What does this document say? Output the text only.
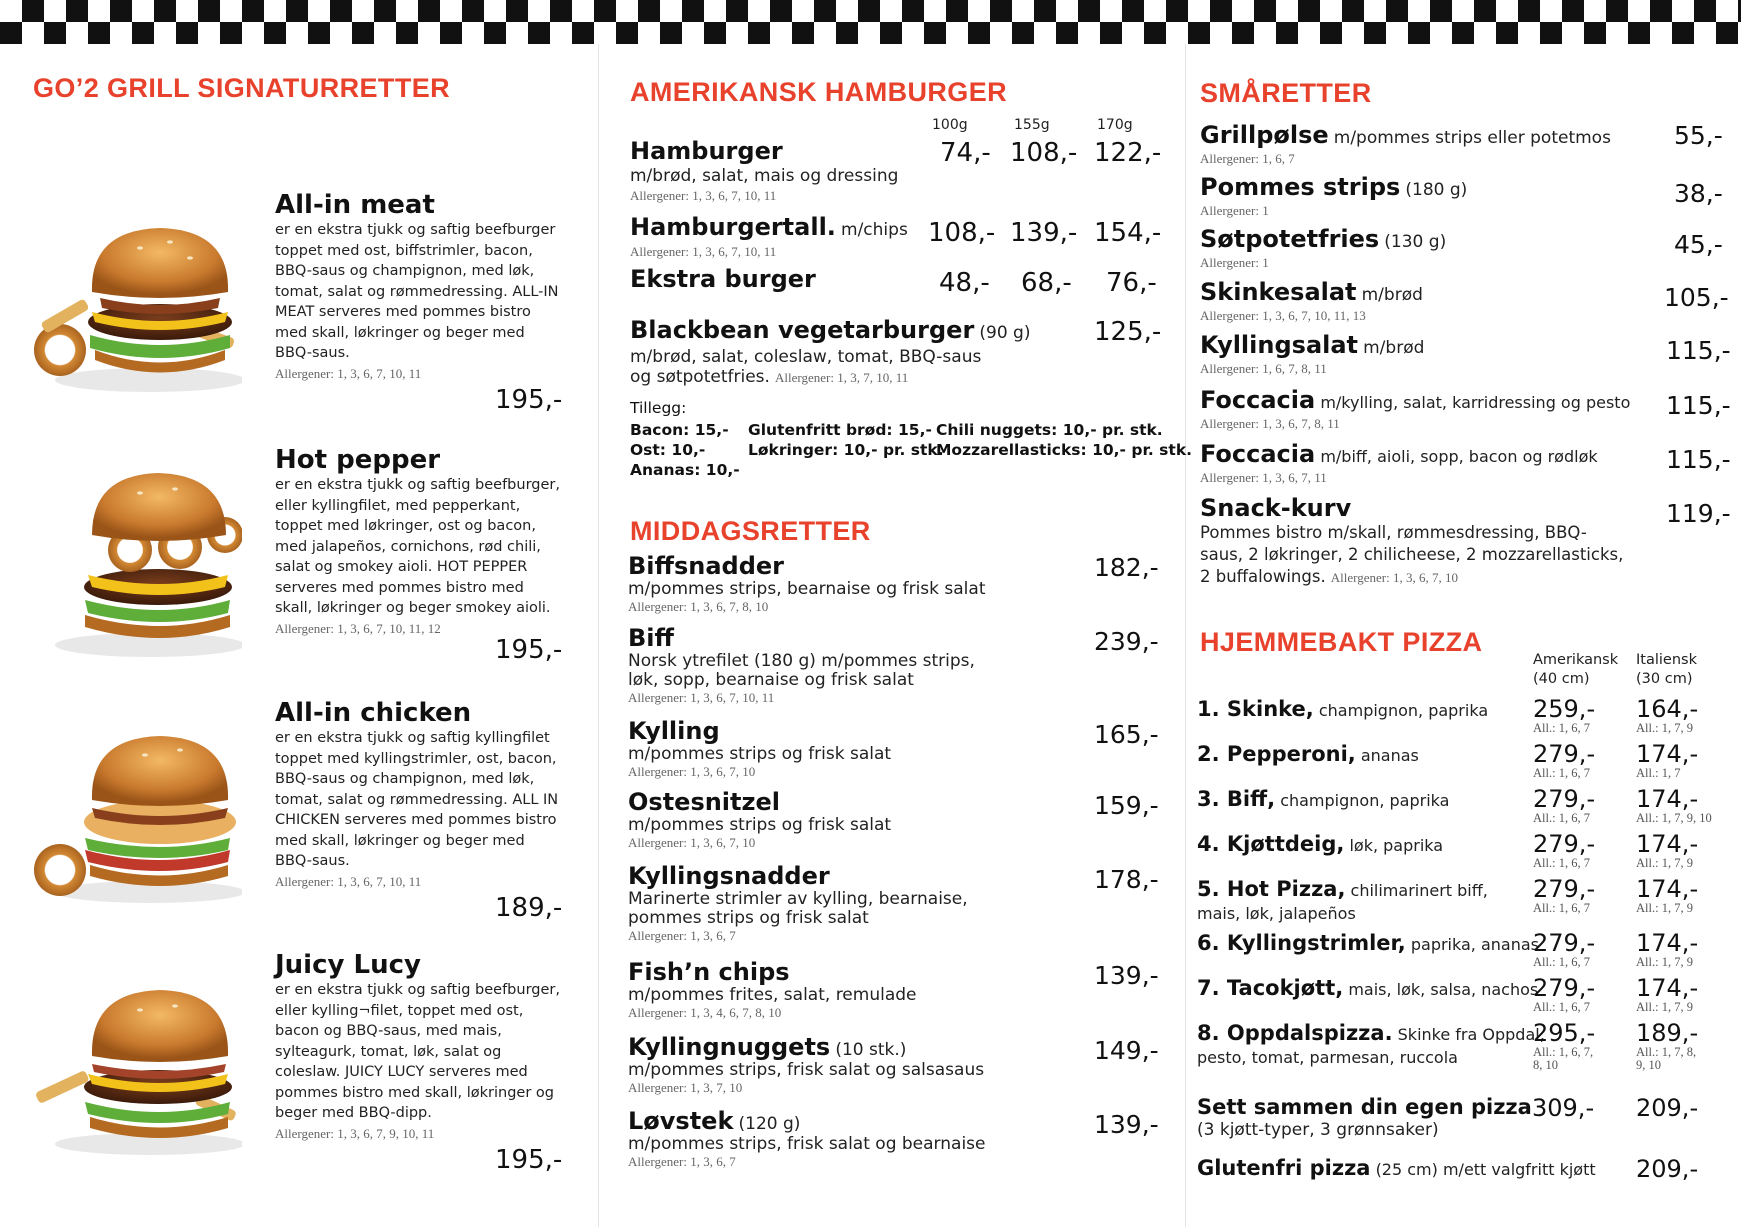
GO’2 GRILL SIGNATURRETTER
All-in meat
er en ekstra tjukk og saftig beefburger toppet med ost, biffstrimler, bacon, BBQ-saus og champignon, med løk, tomat, salat og rømmedressing. ALL-IN MEAT serveres med pommes bistro med skall, løkringer og beger med BBQ-saus.
Allergener: 1, 3, 6, 7, 10, 11
195,-
Hot pepper
er en ekstra tjukk og saftig beefburger, eller kyllingfilet, med pepperkant, toppet med løkringer, ost og bacon, med jalapeños, cornichons, rød chili, salat og smokey aioli. HOT PEPPER serveres med pommes bistro med skall, løkringer og beger smokey aioli.
Allergener: 1, 3, 6, 7, 10, 11, 12
195,-
All-in chicken
er en ekstra tjukk og saftig kyllingfilet toppet med kyllingstrimler, ost, bacon, BBQ-saus og champignon, med løk, tomat, salat og rømmedressing. ALL IN CHICKEN serveres med pommes bistro med skall, løkringer og beger med BBQ-saus.
Allergener: 1, 3, 6, 7, 10, 11
189,-
Juicy Lucy
er en ekstra tjukk og saftig beefburger, eller kylling¬filet, toppet med ost, bacon og BBQ-saus, med mais, sylteagurk, tomat, løk, salat og coleslaw. JUICY LUCY serveres med pommes bistro med skall, løkringer og beger med BBQ-dipp.
Allergener: 1, 3, 6, 7, 9, 10, 11
195,-
AMERIKANSK HAMBURGER
100g	155g	170g
Hamburger
m/brød, salat, mais og dressing
Allergener: 1, 3, 6, 7, 10, 11
74,- 108,- 122,-
Hamburgertall. m/chips
Allergener: 1, 3, 6, 7, 10, 11
108,- 139,- 154,-
Ekstra burger	48,- 68,- 76,-
Blackbean vegetarburger (90 g)
m/brød, salat, coleslaw, tomat, BBQ-saus
og søtpotetfries. Allergener: 1, 3, 7, 10, 11
125,-
Tillegg:
Bacon: 15,-
Ost: 10,-
Ananas: 10,-
Glutenfritt brød: 15,-
Løkringer: 10,- pr. stk.
Chili nuggets: 10,- pr. stk.
Mozzarellasticks: 10,- pr. stk.
MIDDAGSRETTER
Biffsnadder
m/pommes strips, bearnaise og frisk salat
Allergener: 1, 3, 6, 7, 8, 10
182,-
Biff
Norsk ytrefilet (180 g) m/pommes strips,
løk, sopp, bearnaise og frisk salat
Allergener: 1, 3, 6, 7, 10, 11
239,-
Kylling
m/pommes strips og frisk salat
Allergener: 1, 3, 6, 7, 10
165,-
Ostesnitzel
m/pommes strips og frisk salat
Allergener: 1, 3, 6, 7, 10
159,-
Kyllingsnadder
Marinerte strimler av kylling, bearnaise,
pommes strips og frisk salat
Allergener: 1, 3, 6, 7
178,-
Fish’n chips
m/pommes frites, salat, remulade
Allergener: 1, 3, 4, 6, 7, 8, 10
139,-
Kyllingnuggets (10 stk.)
m/pommes strips, frisk salat og salsasaus
Allergener: 1, 3, 7, 10
149,-
Løvstek (120 g)
m/pommes strips, frisk salat og bearnaise
Allergener: 1, 3, 6, 7
139,-
SMÅRETTER
Grillpølse m/pommes strips eller potetmos
Allergener: 1, 6, 7
55,-
Pommes strips (180 g)
Allergener: 1
38,-
Søtpotetfries (130 g)
Allergener: 1
45,-
Skinkesalat m/brød
Allergener: 1, 3, 6, 7, 10, 11, 13
105,-
Kyllingsalat m/brød
Allergener: 1, 6, 7, 8, 11
115,-
Foccacia m/kylling, salat, karridressing og pesto
Allergener: 1, 3, 6, 7, 8, 11
115,-
Foccacia m/biff, aioli, sopp, bacon og rødløk
Allergener: 1, 3, 6, 7, 11
115,-
Snack-kurv
Pommes bistro m/skall, rømmesdressing, BBQ-
saus, 2 løkringer, 2 chilicheese, 2 mozzarellasticks,
2 buffalowings. Allergener: 1, 3, 6, 7, 10
119,-
HJEMMEBAKT PIZZA
Amerikansk
(40 cm)
Italiensk
(30 cm)
1. Skinke, champignon, paprika 259,-
All.: 1, 6, 7
164,-
All.: 1, 7, 9
2. Pepperoni, ananas	279,-
All.: 1, 6, 7
174,-
All.: 1, 7
3. Biff, champignon, paprika	279,-
All.: 1, 6, 7
174,-
All.: 1, 7, 9, 10
4. Kjøttdeig, løk, paprika	279,-
All.: 1, 6, 7
174,-
All.: 1, 7, 9
5. Hot Pizza, chilimarinert biff,
mais, løk, jalapeños
279,-
All.: 1, 6, 7
174,-
All.: 1, 7, 9
6. Kyllingstrimler, paprika, ananas
279,-
All.: 1, 6, 7
174,-
All.: 1, 7, 9
7. Tacokjøtt, mais, løk, salsa, nachos
279,-
All.: 1, 6, 7
174,-
All.: 1, 7, 9
8. Oppdalspizza. Skinke fra Oppdal,
pesto, tomat, parmesan, ruccola
295,-
All.: 1, 6, 7,
8, 10
189,-
All.: 1, 7, 8,
9, 10
Sett sammen din egen pizza
(3 kjøtt-typer, 3 grønnsaker)
309,- 209,-
Glutenfri pizza (25 cm) m/ett valgfritt kjøtt 209,-
